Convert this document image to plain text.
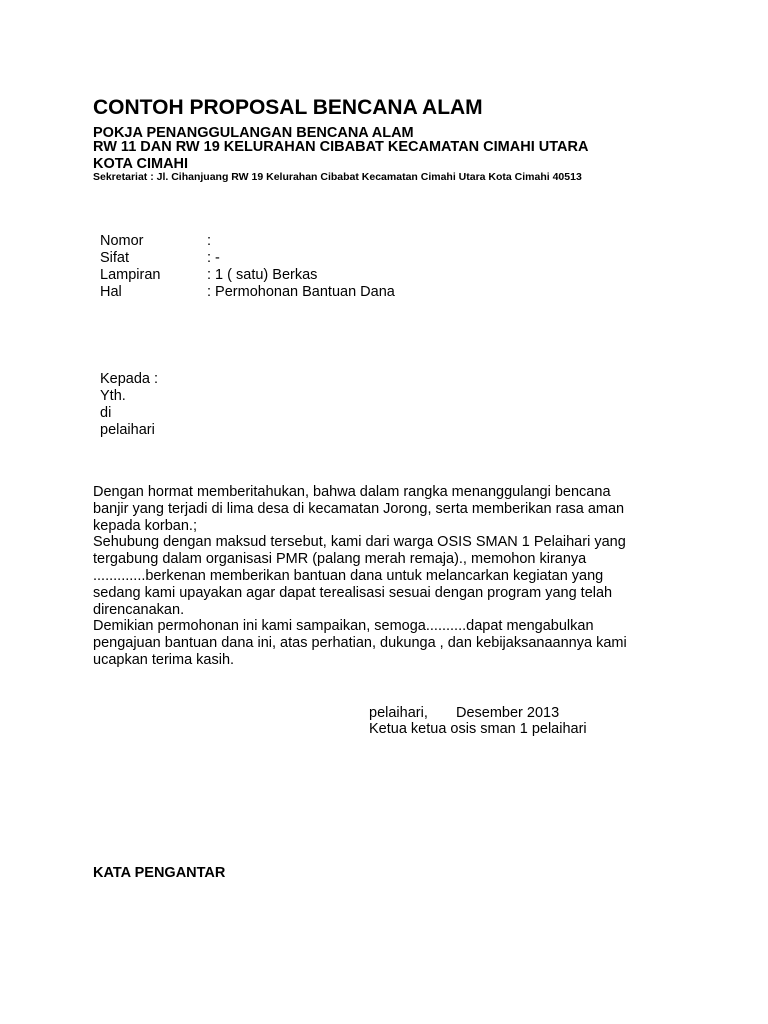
CONTOH PROPOSAL BENCANA ALAM
POKJA PENANGGULANGAN BENCANA ALAM
RW 11 DAN RW 19 KELURAHAN CIBABAT KECAMATAN CIMAHI UTARA
KOTA CIMAHI
Sekretariat : Jl. Cihanjuang RW 19 Kelurahan Cibabat Kecamatan Cimahi Utara Kota Cimahi 40513
Nomor	:
Sifat	: -
Lampiran	: 1 ( satu) Berkas
Hal	: Permohonan Bantuan Dana
Kepada :
Yth.
di
pelaihari

Dengan hormat memberitahukan, bahwa dalam rangka menanggulangi bencana

banjir yang terjadi di lima desa di kecamatan Jorong, serta memberikan rasa aman

kepada korban.;

Sehubung dengan maksud tersebut, kami dari warga OSIS SMAN 1 Pelaihari yang

tergabung dalam organisasi PMR (palang merah remaja)., memohon kiranya

.............berkenan memberikan bantuan dana untuk melancarkan kegiatan yang

sedang kami upayakan agar dapat terealisasi sesuai dengan program yang telah

direncanakan.

Demikian permohonan ini kami sampaikan, semoga..........dapat mengabulkan

pengajuan bantuan dana ini, atas perhatian, dukunga , dan kebijaksanaannya kami

ucapkan terima kasih.

pelaihari, Desember 2013
Ketua ketua osis sman 1 pelaihari
KATA PENGANTAR
